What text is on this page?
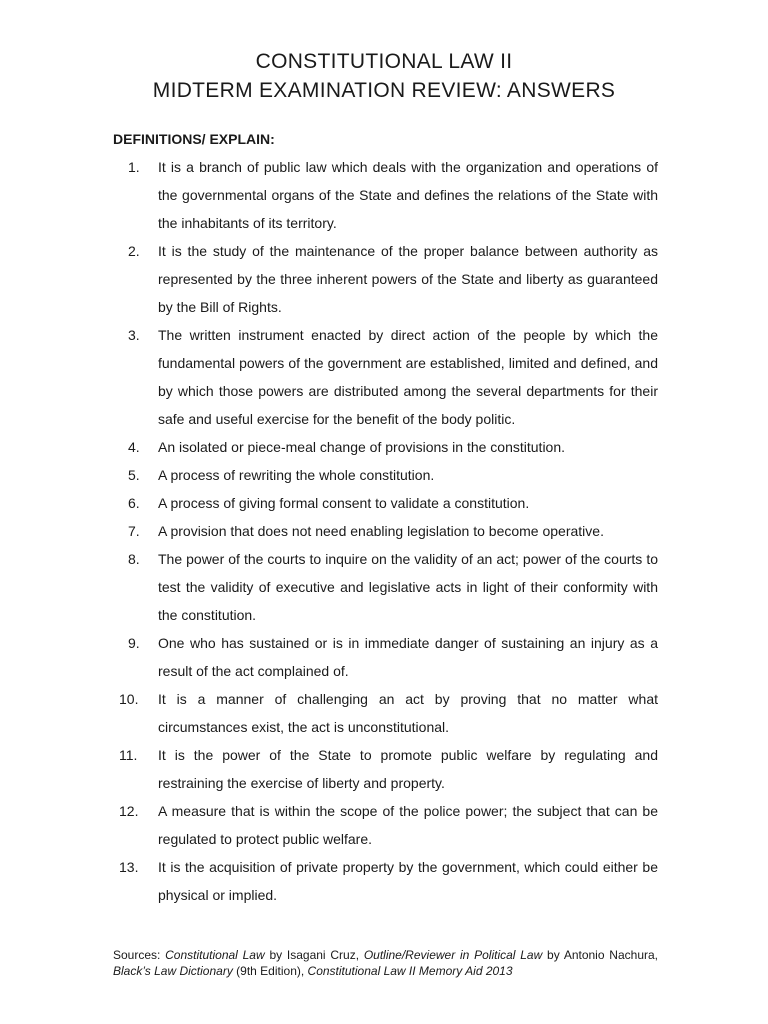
CONSTITUTIONAL LAW II
MIDTERM EXAMINATION REVIEW: ANSWERS
DEFINITIONS/ EXPLAIN:
1.	It is a branch of public law which deals with the organization and operations of the governmental organs of the State and defines the relations of the State with the inhabitants of its territory.
2.	It is the study of the maintenance of the proper balance between authority as represented by the three inherent powers of the State and liberty as guaranteed by the Bill of Rights.
3.	The written instrument enacted by direct action of the people by which the fundamental powers of the government are established, limited and defined, and by which those powers are distributed among the several departments for their safe and useful exercise for the benefit of the body politic.
4.	An isolated or piece-meal change of provisions in the constitution.
5.	A process of rewriting the whole constitution.
6.	A process of giving formal consent to validate a constitution.
7.	A provision that does not need enabling legislation to become operative.
8.	The power of the courts to inquire on the validity of an act; power of the courts to test the validity of executive and legislative acts in light of their conformity with the constitution.
9.	One who has sustained or is in immediate danger of sustaining an injury as a result of the act complained of.
10.	It is a manner of challenging an act by proving that no matter what circumstances exist, the act is unconstitutional.
11.	It is the power of the State to promote public welfare by regulating and restraining the exercise of liberty and property.
12.	A measure that is within the scope of the police power; the subject that can be regulated to protect public welfare.
13.	It is the acquisition of private property by the government, which could either be physical or implied.
Sources: Constitutional Law by Isagani Cruz, Outline/Reviewer in Political Law by Antonio Nachura, Black’s Law Dictionary (9th Edition), Constitutional Law II Memory Aid 2013
